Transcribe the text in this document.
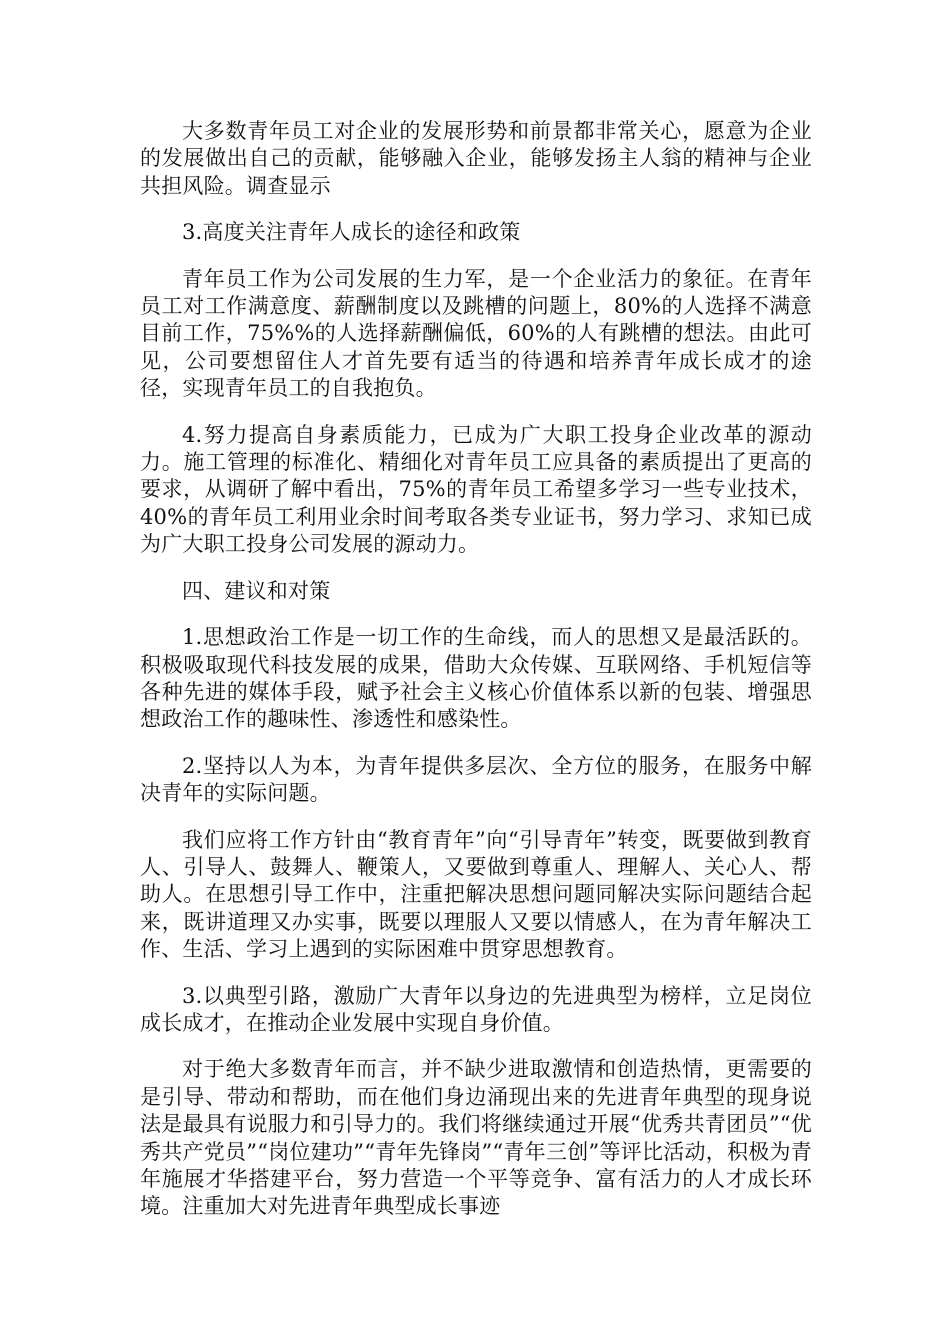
大多数青年员工对企业的发展形势和前景都非常关心，愿意为企业的发展做出自己的贡献，能够融入企业，能够发扬主人翁的精神与企业共担风险。调查显示

3.高度关注青年人成长的途径和政策

青年员工作为公司发展的生力军，是一个企业活力的象征。在青年员工对工作满意度、薪酬制度以及跳槽的问题上，80%的人选择不满意目前工作，75%%的人选择薪酬偏低，60%的人有跳槽的想法。由此可见，公司要想留住人才首先要有适当的待遇和培养青年成长成才的途径，实现青年员工的自我抱负。

4.努力提高自身素质能力，已成为广大职工投身企业改革的源动力。施工管理的标准化、精细化对青年员工应具备的素质提出了更高的要求，从调研了解中看出，75%的青年员工希望多学习一些专业技术，40%的青年员工利用业余时间考取各类专业证书，努力学习、求知已成为广大职工投身公司发展的源动力。

四、建议和对策

1.思想政治工作是一切工作的生命线，而人的思想又是最活跃的。积极吸取现代科技发展的成果，借助大众传媒、互联网络、手机短信等各种先进的媒体手段，赋予社会主义核心价值体系以新的包装、增强思想政治工作的趣味性、渗透性和感染性。

2.坚持以人为本，为青年提供多层次、全方位的服务，在服务中解决青年的实际问题。

我们应将工作方针由“教育青年”向“引导青年”转变，既要做到教育人、引导人、鼓舞人、鞭策人，又要做到尊重人、理解人、关心人、帮助人。在思想引导工作中，注重把解决思想问题同解决实际问题结合起来，既讲道理又办实事，既要以理服人又要以情感人，在为青年解决工作、生活、学习上遇到的实际困难中贯穿思想教育。

3.以典型引路，激励广大青年以身边的先进典型为榜样，立足岗位成长成才，在推动企业发展中实现自身价值。

对于绝大多数青年而言，并不缺少进取激情和创造热情，更需要的是引导、带动和帮助，而在他们身边涌现出来的先进青年典型的现身说法是最具有说服力和引导力的。我们将继续通过开展“优秀共青团员”“优秀共产党员”“岗位建功”“青年先锋岗”“青年三创”等评比活动，积极为青年施展才华搭建平台，努力营造一个平等竞争、富有活力的人才成长环境。注重加大对先进青年典型成长事迹
